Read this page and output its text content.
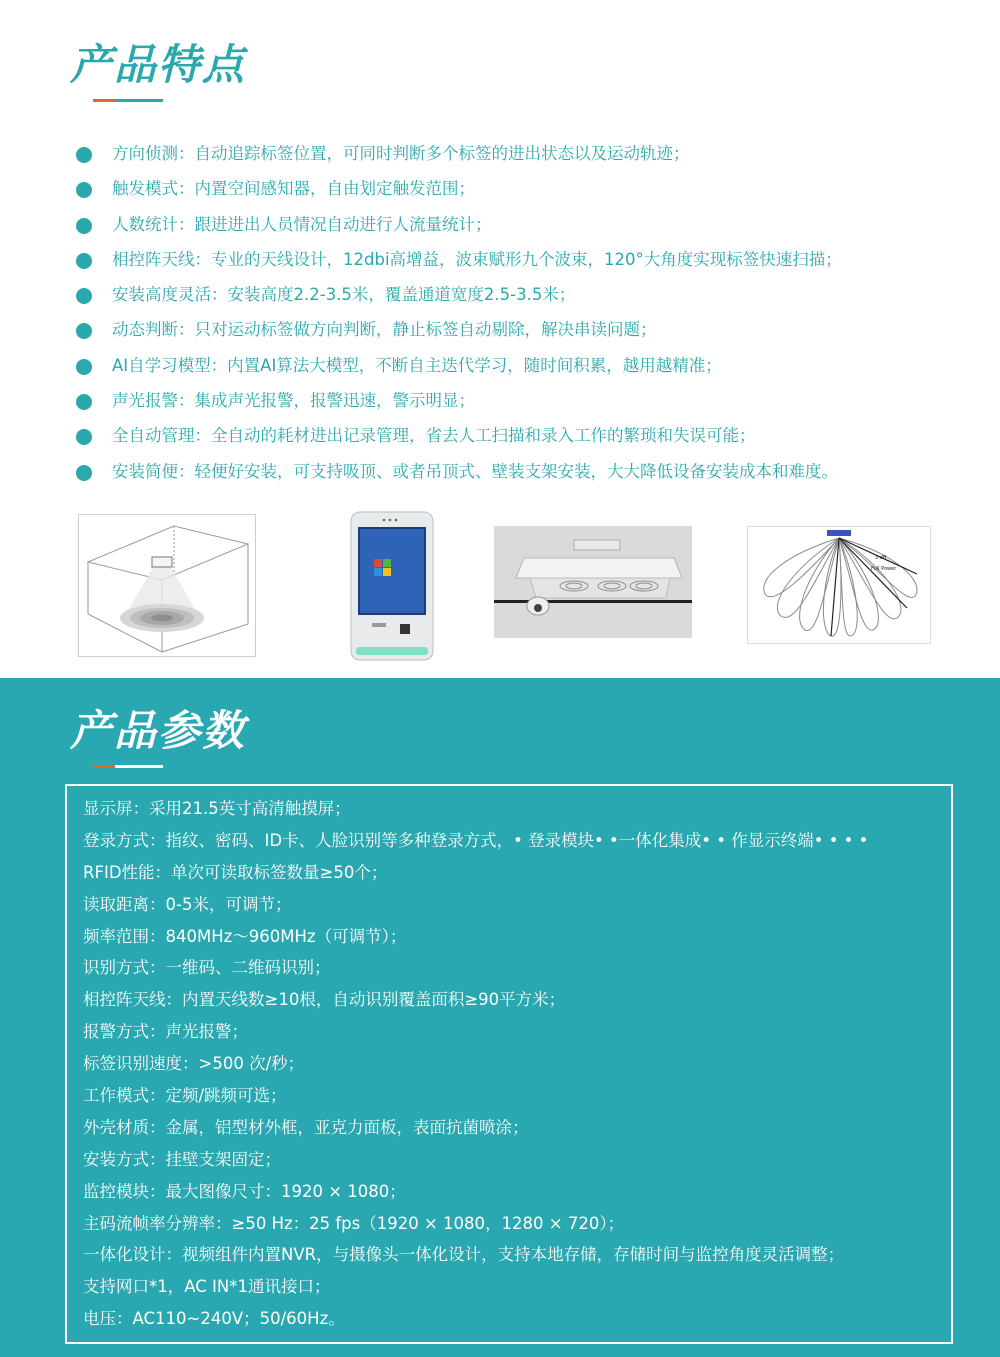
产品特点
方向侦测：自动追踪标签位置，可同时判断多个标签的进出状态以及运动轨迹；
触发模式：内置空间感知器，自由划定触发范围；
人数统计：跟进进出人员情况自动进行人流量统计；
相控阵天线：专业的天线设计，12dbi高增益，波束赋形九个波束，120°大角度实现标签快速扫描；
安装高度灵活：安装高度2.2-3.5米，覆盖通道宽度2.5-3.5米；
动态判断：只对运动标签做方向判断，静止标签自动剔除，解决串读问题；
AI自学习模型：内置AI算法大模型，不断自主迭代学习，随时间积累，越用越精准；
声光报警：集成声光报警，报警迅速，警示明显；
全自动管理：全自动的耗材进出记录管理，省去人工扫描和录入工作的繁琐和失误可能；
安装简便：轻便好安装，可支持吸顶、或者吊顶式、壁装支架安装，大大降低设备安装成本和难度。
3 dB
Full Power
产品参数
显示屏：采用21.5英寸高清触摸屏；
登录方式：指纹、密码、ID卡、人脸识别等多种登录方式，• 登录模块• •一体化集成• • 作显示终端• • • •
RFID性能：单次可读取标签数量≥50个；
读取距离：0-5米，可调节；
频率范围：840MHz～960MHz（可调节）；
识别方式：一维码、二维码识别；
相控阵天线：内置天线数≥10根，自动识别覆盖面积≥90平方米；
报警方式：声光报警；
标签识别速度：>500 次/秒；
工作模式：定频/跳频可选；
外壳材质：金属，铝型材外框，亚克力面板，表面抗菌喷涂；
安装方式：挂壁支架固定；
监控模块：最大图像尺寸：1920 × 1080；
主码流帧率分辨率：≥50 Hz：25 fps（1920 × 1080，1280 × 720）；
一体化设计：视频组件内置NVR，与摄像头一体化设计，支持本地存储，存储时间与监控角度灵活调整；
支持网口*1，AC IN*1通讯接口；
电压：AC110~240V；50/60Hz。
